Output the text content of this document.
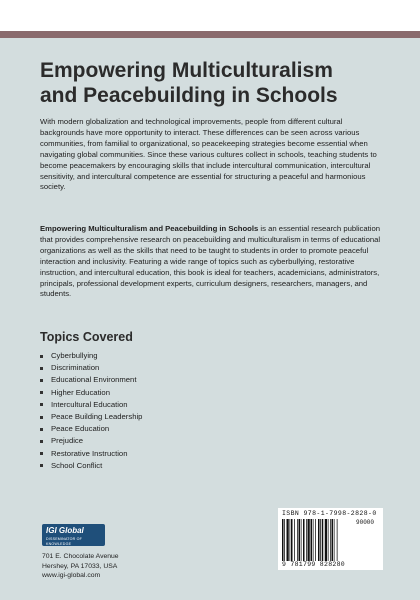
Empowering Multiculturalism
and Peacebuilding in Schools

With modern globalization and technological improvements, people from different cultural backgrounds have more opportunity to interact. These differences can be seen across various communities, from familial to organizational, so peacekeeping strategies become essential when navigating global communities. Since these various cultures collect in schools, teaching students to become peacemakers by encouraging skills that include intercultural communication, intercultural sensitivity, and intercultural competence are essential for structuring a peaceful and harmonious society.

Empowering Multiculturalism and Peacebuilding in Schools is an essential research publication that provides comprehensive research on peacebuilding and multiculturalism in terms of educational organizations as well as the skills that need to be taught to students in order to promote peaceful interaction and inclusivity. Featuring a wide range of topics such as cyberbullying, restorative instruction, and intercultural education, this book is ideal for teachers, academicians, administrators, principals, professional development experts, curriculum designers, researchers, managers, and students.

Topics Covered
Cyberbullying
Discrimination
Educational Environment
Higher Education
Intercultural Education
Peace Building Leadership
Peace Education
Prejudice
Restorative Instruction
School Conflict
IGI Global
DISSEMINATOR OF KNOWLEDGE
701 E. Chocolate Avenue
Hershey, PA 17033, USA
www.igi-global.com
ISBN 978-1-7998-2828-0
90000
9 781799 828280
